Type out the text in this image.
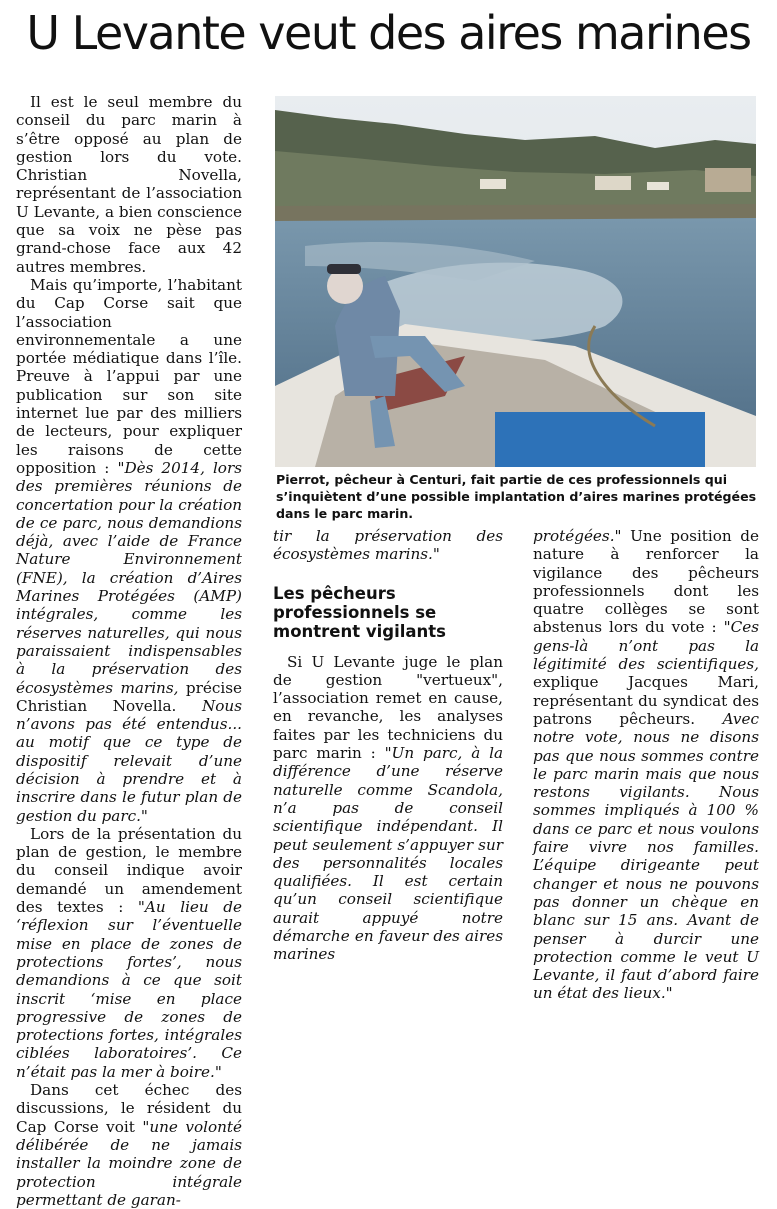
U Levante veut des aires marines

Il est le seul membre du conseil du parc marin à s’être opposé au plan de gestion lors du vote. Christian Novella, représentant de l’association U Levante, a bien conscience que sa voix ne pèse pas grand-chose face aux 42 autres membres.

Mais qu’importe, l’habitant du Cap Corse sait que l’association environnementale a une portée médiatique dans l’île. Preuve à l’appui par une publication sur son site internet lue par des milliers de lecteurs, pour expliquer les raisons de cette opposition : "Dès 2014, lors des premières réunions de concertation pour la création de ce parc, nous demandions déjà, avec l’aide de France Nature Environnement (FNE), la création d’Aires Marines Protégées (AMP) intégrales, comme les réserves naturelles, qui nous paraissaient indispensables à la préservation des écosystèmes marins, précise Christian Novella. Nous n’avons pas été entendus... au motif que ce type de dispositif relevait d’une décision à prendre et à inscrire dans le futur plan de gestion du parc."

Lors de la présentation du plan de gestion, le membre du conseil indique avoir demandé un amendement des textes : "Au lieu de ‘réflexion sur l’éventuelle mise en place de zones de protections fortes’, nous demandions à ce que soit inscrit ‘mise en place progressive de zones de protections fortes, intégrales ciblées laboratoires’. Ce n’était pas la mer à boire."

Dans cet échec des discussions, le résident du Cap Corse voit "une volonté délibérée de ne jamais installer la moindre zone de protection intégrale permettant de garan-

Pierrot, pêcheur à Centuri, fait partie de ces professionnels qui s’inquiètent d’une possible implantation d’aires marines protégées dans le parc marin.

tir la préservation des écosystèmes marins."

Les pêcheurs professionnels se montrent vigilants

Si U Levante juge le plan de gestion "vertueux", l’association remet en cause, en revanche, les analyses faites par les techniciens du parc marin : "Un parc, à la différence d’une réserve naturelle comme Scandola, n’a pas de conseil scientifique indépendant. Il peut seulement s’appuyer sur des personnalités locales qualifiées. Il est certain qu’un conseil scientifique aurait appuyé notre démarche en faveur des aires marines

protégées." Une position de nature à renforcer la vigilance des pêcheurs professionnels dont les quatre collèges se sont abstenus lors du vote : "Ces gens-là n’ont pas la légitimité des scientifiques, explique Jacques Mari, représentant du syndicat des patrons pêcheurs. Avec notre vote, nous ne disons pas que nous sommes contre le parc marin mais que nous restons vigilants. Nous sommes impliqués à 100 % dans ce parc et nous voulons faire vivre nos familles. L’équipe dirigeante peut changer et nous ne pouvons pas donner un chèque en blanc sur 15 ans. Avant de penser à durcir une protection comme le veut U Levante, il faut d’abord faire un état des lieux."
